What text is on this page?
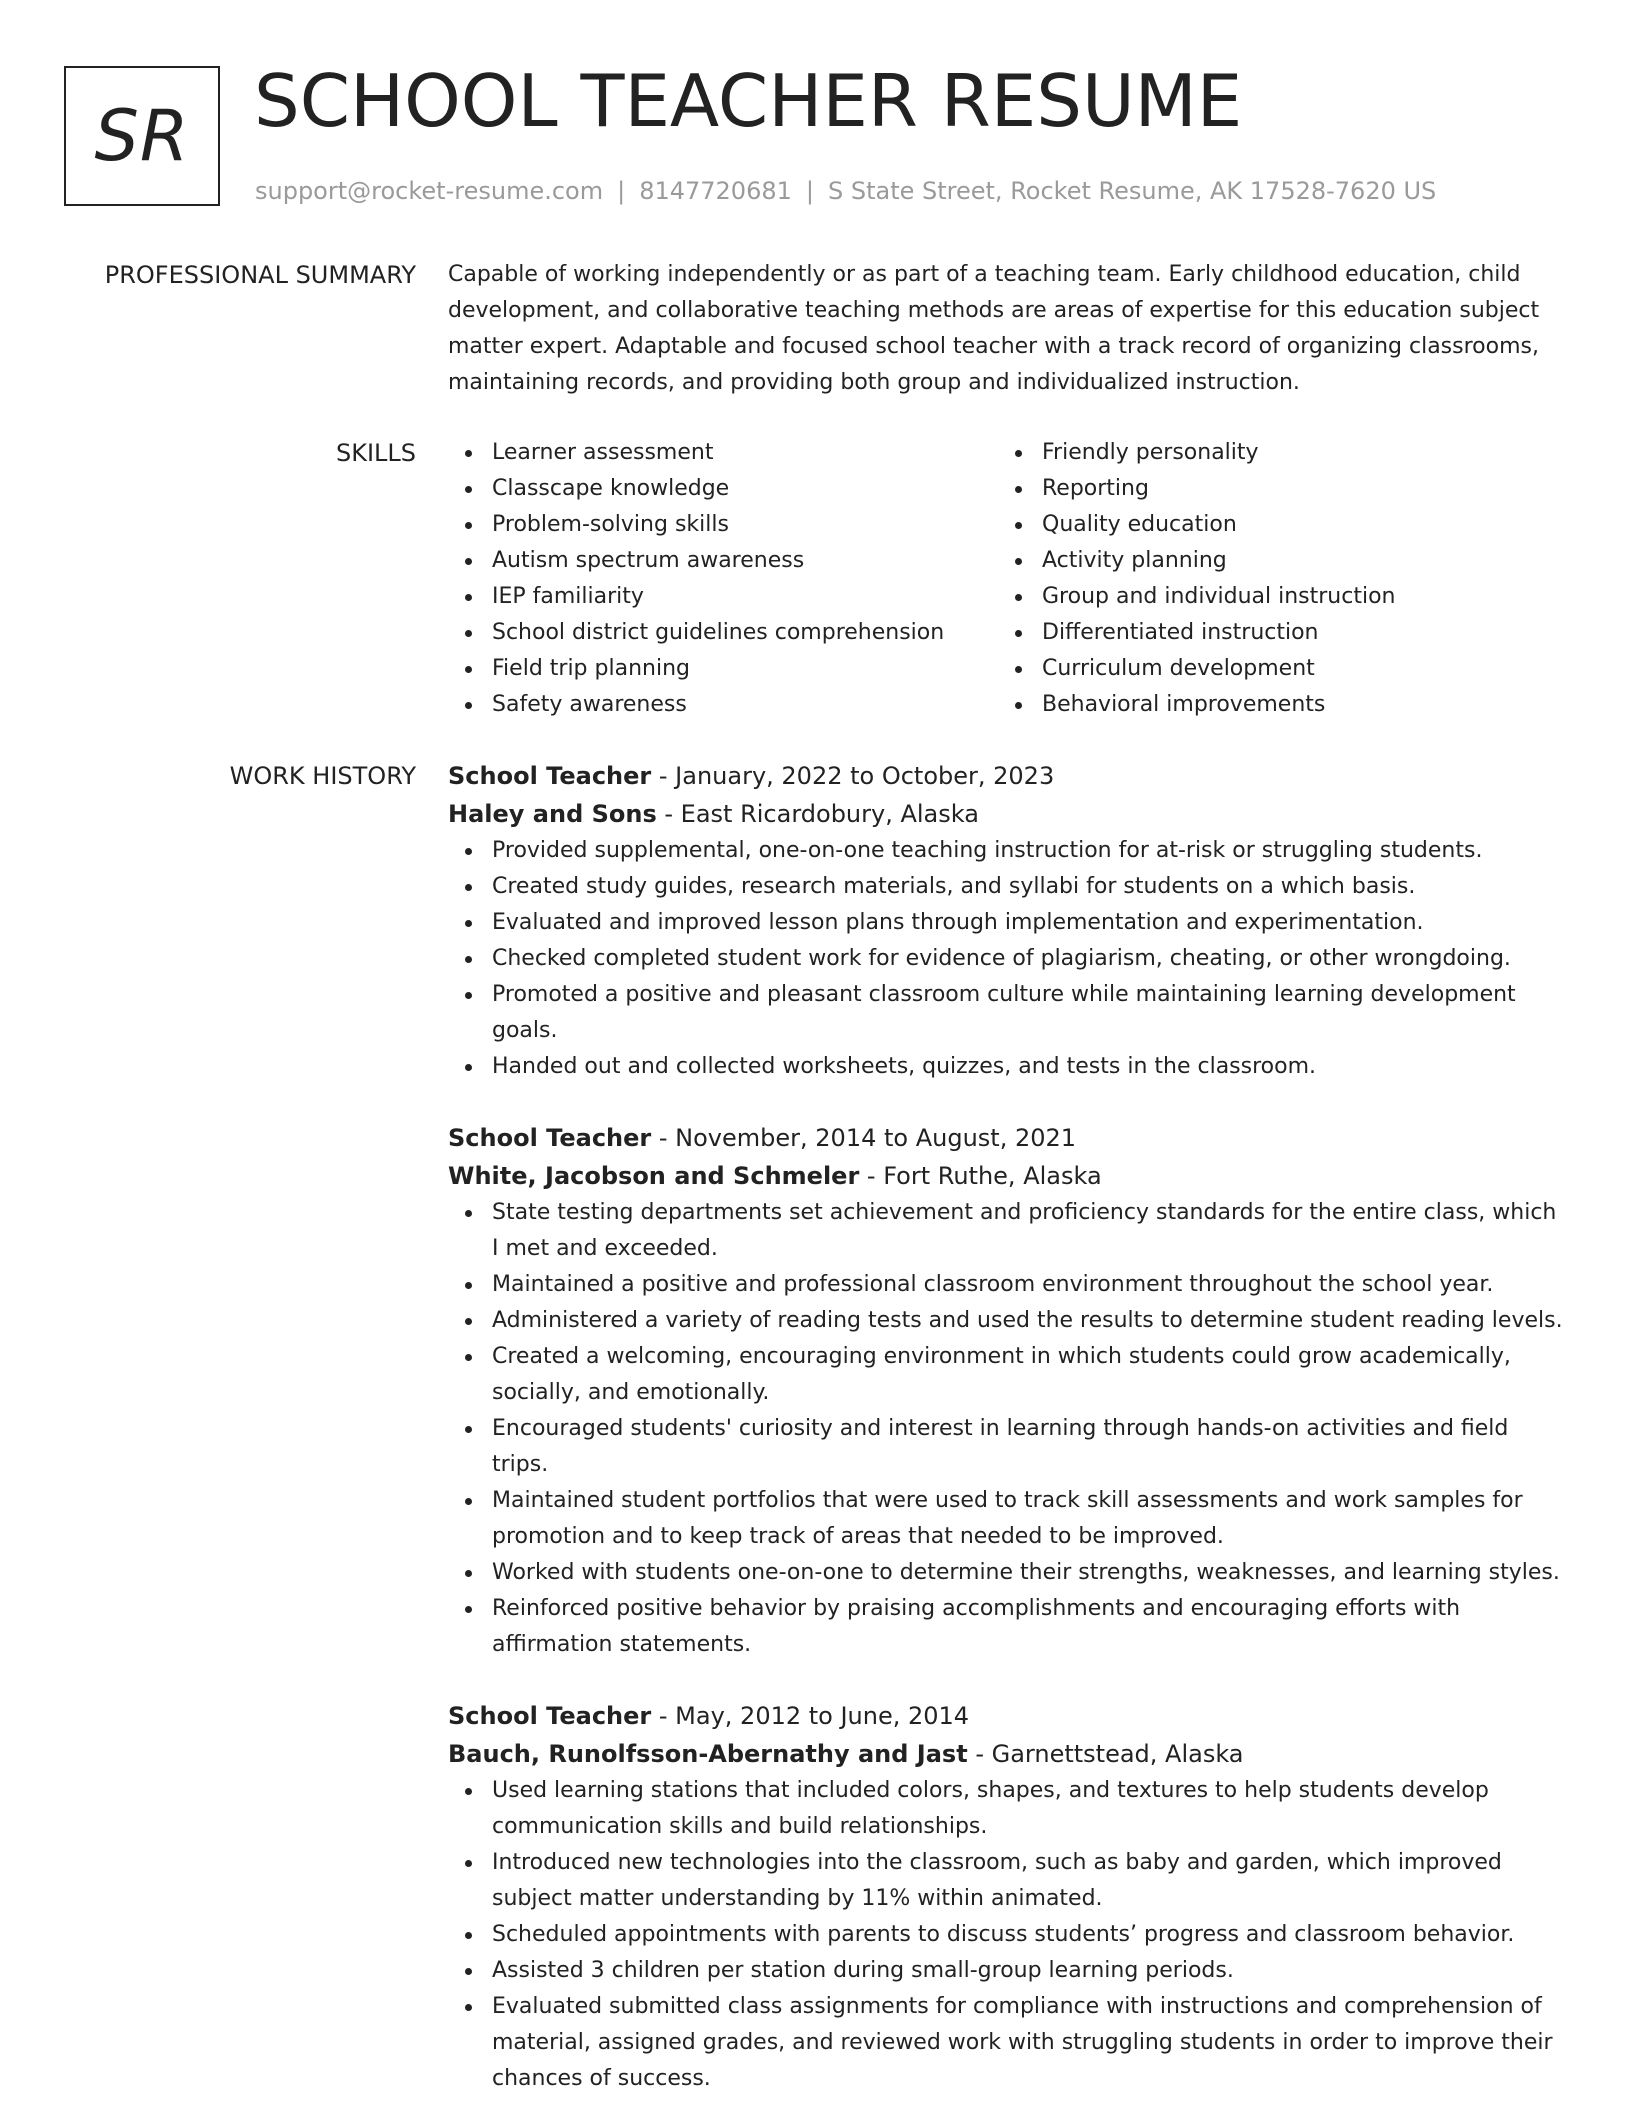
SR SCHOOL TEACHER RESUME
support@rocket-resume.com | 8147720681 | S State Street, Rocket Resume, AK 17528-7620 US
PROFESSIONAL SUMMARY Capable of working independently or as part of a teaching team. Early childhood education, child development, and collaborative teaching methods are areas of expertise for this education subject matter expert. Adaptable and focused school teacher with a track record of organizing classrooms, maintaining records, and providing both group and individualized instruction.

SKILLS	Learner assessment
Classcape knowledge
Problem-solving skills
Autism spectrum awareness
IEP familiarity
School district guidelines comprehension
Field trip planning
Safety awareness
Friendly personality
Reporting
Quality education
Activity planning
Group and individual instruction
Differentiated instruction
Curriculum development
Behavioral improvements
WORK HISTORY School Teacher - January, 2022 to October, 2023
Haley and Sons - East Ricardobury, Alaska
Provided supplemental, one-on-one teaching instruction for at-risk or struggling students.
Created study guides, research materials, and syllabi for students on a which basis.
Evaluated and improved lesson plans through implementation and experimentation.
Checked completed student work for evidence of plagiarism, cheating, or other wrongdoing.
Promoted a positive and pleasant classroom culture while maintaining learning development goals.
Handed out and collected worksheets, quizzes, and tests in the classroom.
School Teacher - November, 2014 to August, 2021
White, Jacobson and Schmeler - Fort Ruthe, Alaska
State testing departments set achievement and proficiency standards for the entire class, which I met and exceeded.
Maintained a positive and professional classroom environment throughout the school year.
Administered a variety of reading tests and used the results to determine student reading levels.
Created a welcoming, encouraging environment in which students could grow academically, socially, and emotionally.
Encouraged students' curiosity and interest in learning through hands-on activities and field trips.
Maintained student portfolios that were used to track skill assessments and work samples for promotion and to keep track of areas that needed to be improved.
Worked with students one-on-one to determine their strengths, weaknesses, and learning styles.
Reinforced positive behavior by praising accomplishments and encouraging efforts with affirmation statements.
School Teacher - May, 2012 to June, 2014
Bauch, Runolfsson-Abernathy and Jast - Garnettstead, Alaska
Used learning stations that included colors, shapes, and textures to help students develop communication skills and build relationships.
Introduced new technologies into the classroom, such as baby and garden, which improved subject matter understanding by 11% within animated.
Scheduled appointments with parents to discuss students’ progress and classroom behavior.
Assisted 3 children per station during small-group learning periods.
Evaluated submitted class assignments for compliance with instructions and comprehension of material, assigned grades, and reviewed work with struggling students in order to improve their chances of success.
